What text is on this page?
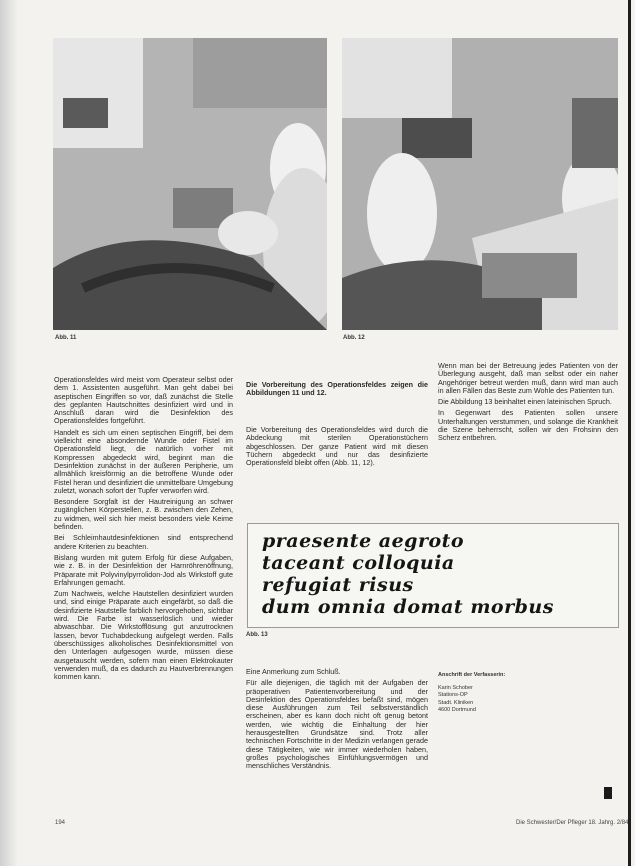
Abb. 11	Abb. 12

Operationsfeldes wird meist vom Operateur selbst oder dem 1. Assistenten ausgeführt. Man geht dabei bei aseptischen Eingriffen so vor, daß zunächst die Stelle des geplanten Hautschnittes desinfiziert wird und in Anschluß daran wird die Desinfektion des Operationsfeldes fortgeführt.

Handelt es sich um einen septischen Eingriff, bei dem vielleicht eine absondernde Wunde oder Fistel im Operationsfeld liegt, die natürlich vorher mit Kompressen abgedeckt wird, beginnt man die Desinfektion zunächst in der äußeren Peripherie, um allmählich kreisförmig an die betroffene Wunde oder Fistel heran und desinfiziert die unmittelbare Umgebung zuletzt, wonach sofort der Tupfer verworfen wird.

Besondere Sorgfalt ist der Hautreinigung an schwer zugänglichen Körperstellen, z. B. zwischen den Zehen, zu widmen, weil sich hier meist besonders viele Keime befinden.

Bei Schleimhautdesinfektionen sind entsprechend andere Kriterien zu beachten.

Bislang wurden mit gutem Erfolg für diese Aufgaben, wie z. B. in der Desinfektion der Harnröhrenöffnung, Präparate mit Polyvinylpyrrolidon-Jod als Wirkstoff gute Erfahrungen gemacht.

Zum Nachweis, welche Hautstellen desinfiziert wurden und, sind einige Präparate auch eingefärbt, so daß die desinfizierte Hautstelle farblich hervorgehoben, sichtbar wird. Die Farbe ist wasserlöslich und wieder abwaschbar. Die Wirkstofflösung gut anzutrocknen lassen, bevor Tuchabdeckung aufgelegt werden. Falls überschüssiges alkoholisches Desinfektionsmittel von den Unterlagen aufgesogen wurde, müssen diese ausgetauscht werden, sofern man einen Elektrokauter verwenden muß, da es dadurch zu Hautverbrennungen kommen kann.

Die Vorbereitung des Operationsfeldes zeigen die Abbildungen 11 und 12.
Die Vorbereitung des Operationsfeldes wird durch die Abdeckung mit sterilen Operationstüchern abgeschlossen. Der ganze Patient wird mit diesen Tüchern abgedeckt und nur das desinfizierte Operationsfeld bleibt offen (Abb. 11, 12).

Wenn man bei der Betreuung jedes Patienten von der Überlegung ausgeht, daß man selbst oder ein naher Angehöriger betreut werden muß, dann wird man auch in allen Fällen das Beste zum Wohle des Patienten tun.

Die Abbildung 13 beinhaltet einen lateinischen Spruch.

In Gegenwart des Patienten sollen unsere Unterhaltungen verstummen, und solange die Krankheit die Szene beherrscht, sollen wir den Frohsinn den Scherz entbehren.

praesente aegroto
taceant colloquia
refugiat risus
dum omnia domat morbus
Abb. 13

Eine Anmerkung zum Schluß.

Für alle diejenigen, die täglich mit der Aufgaben der präoperativen Patientenvorbereitung und der Desinfektion des Operationsfeldes befaßt sind, mögen diese Ausführungen zum Teil selbstverständlich erscheinen, aber es kann doch nicht oft genug betont werden, wie wichtig die Einhaltung der hier herausgestellten Grundsätze sind. Trotz aller technischen Fortschritte in der Medizin verlangen gerade diese Tätigkeiten, wie wir immer wiederholen haben, großes psychologisches Einfühlungsvermögen und menschliches Verständnis.

Anschrift der Verfasserin:
Karin Schober
Stations-OP
Stadt. Kliniken
4600 Dortmund
194	Die Schwester/Der Pfleger 18. Jahrg. 2/84
